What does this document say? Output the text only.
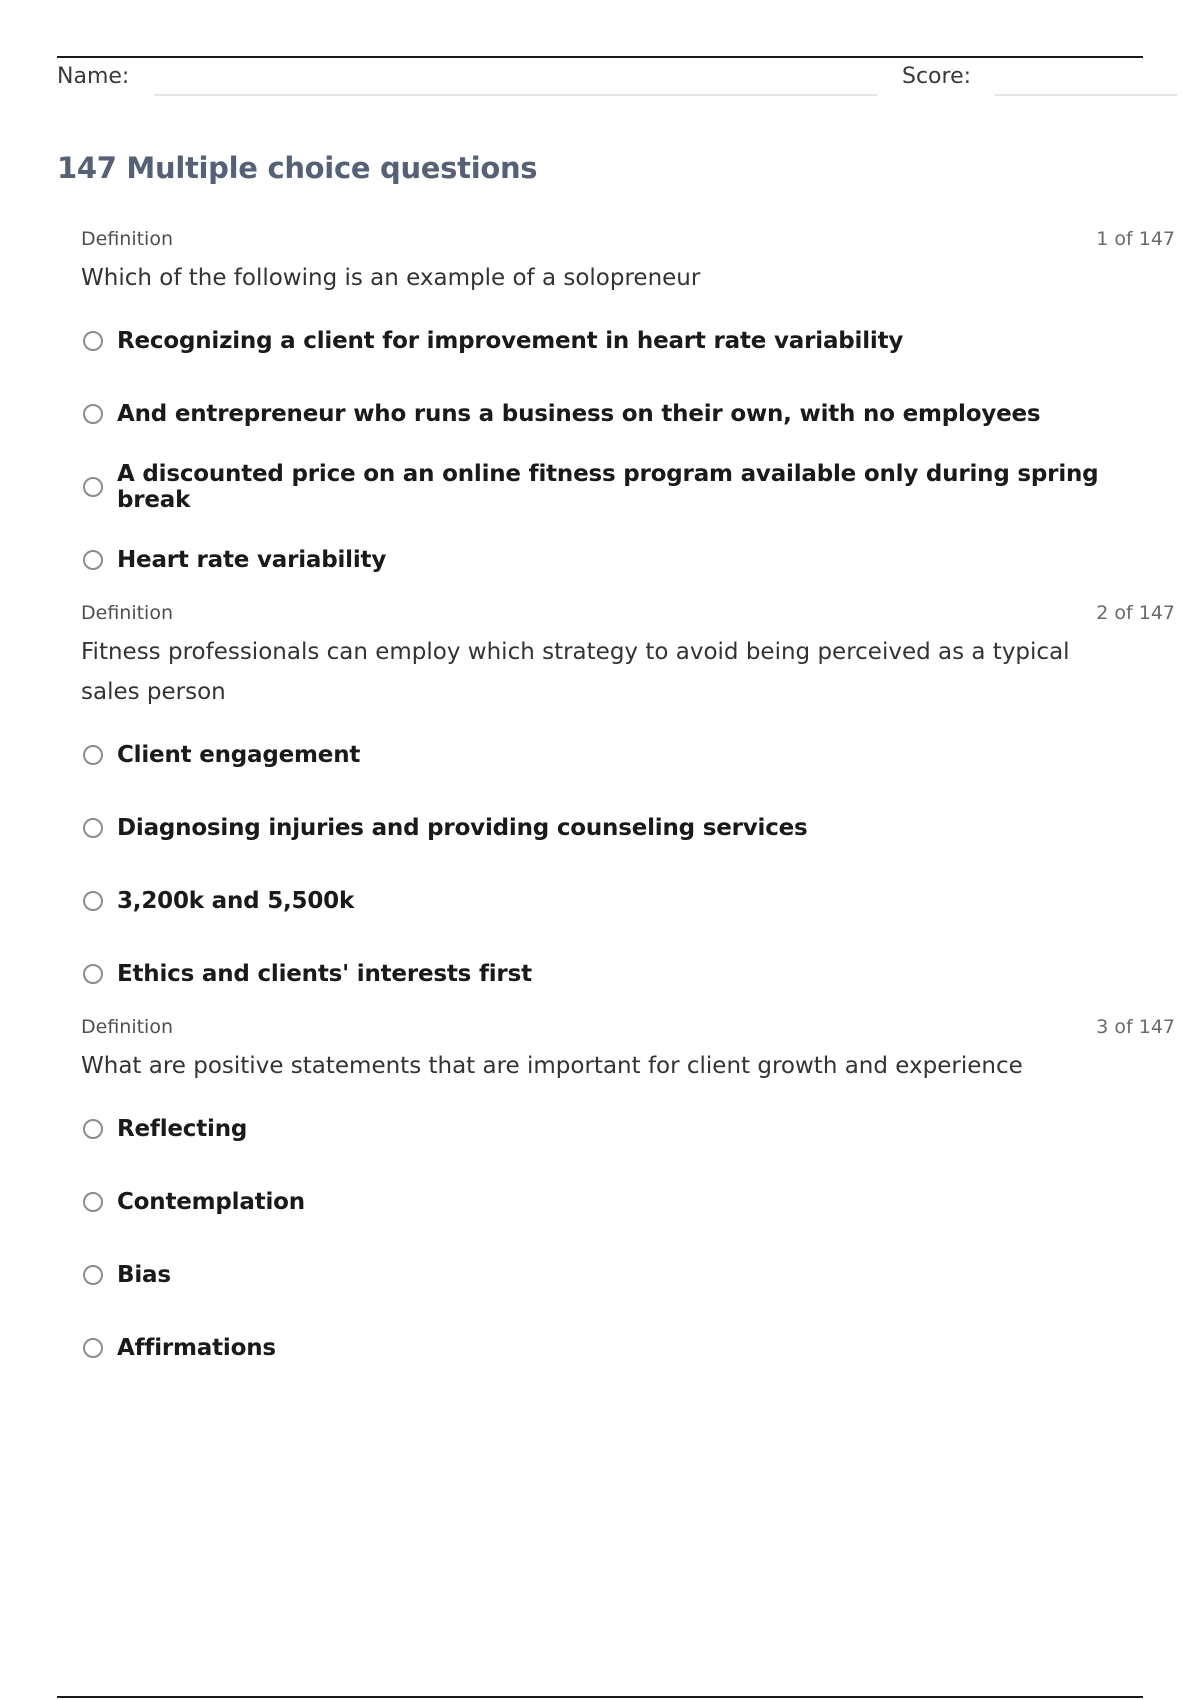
Name:	Score:
147 Multiple choice questions
Definition	1 of 147
Which of the following is an example of a solopreneur
Recognizing a client for improvement in heart rate variability
And entrepreneur who runs a business on their own, with no employees
A discounted price on an online fitness program available only during spring break
Heart rate variability
Definition	2 of 147
Fitness professionals can employ which strategy to avoid being perceived as a typical sales person
Client engagement
Diagnosing injuries and providing counseling services
3,200k and 5,500k
Ethics and clients' interests first
Definition	3 of 147
What are positive statements that are important for client growth and experience
Reflecting
Contemplation
Bias
Affirmations
